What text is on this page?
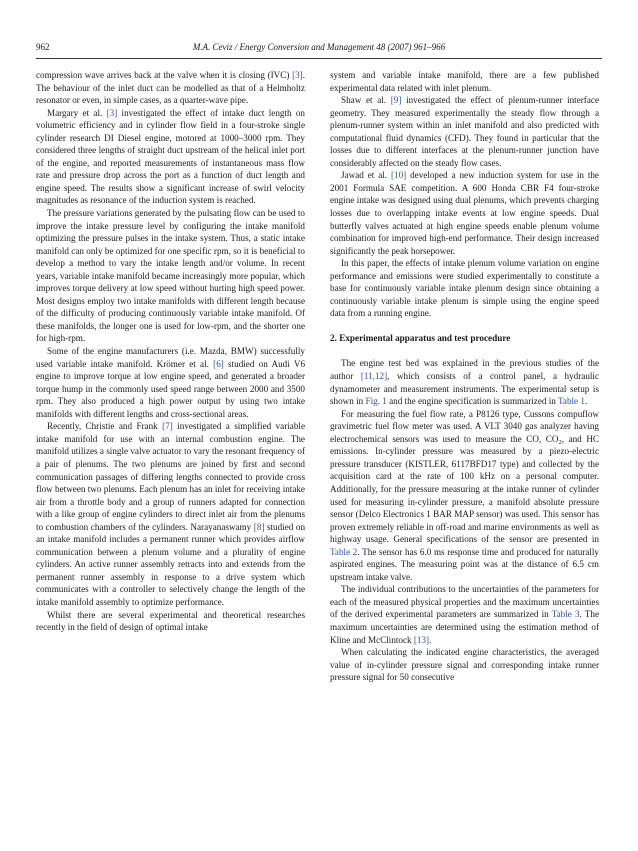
962	M.A. Ceviz / Energy Conversion and Management 48 (2007) 961–966

compression wave arrives back at the valve when it is closing (IVC) [3]. The behaviour of the inlet duct can be modelled as that of a Helmholtz resonator or even, in simple cases, as a quarter-wave pipe.

Margary et al. [3] investigated the effect of intake duct length on volumetric efficiency and in cylinder flow field in a four-stroke single cylinder research DI Diesel engine, motored at 1000–3000 rpm. They considered three lengths of straight duct upstream of the helical inlet port of the engine, and reported measurements of instantaneous mass flow rate and pressure drop across the port as a function of duct length and engine speed. The results show a significant increase of swirl velocity magnitudes as resonance of the induction system is reached.

The pressure variations generated by the pulsating flow can be used to improve the intake pressure level by configuring the intake manifold optimizing the pressure pulses in the intake system. Thus, a static intake manifold can only be optimized for one specific rpm, so it is beneficial to develop a method to vary the intake length and/or volume. In recent years, variable intake manifold became increasingly more popular, which improves torque delivery at low speed without hurting high speed power. Most designs employ two intake manifolds with different length because of the difficulty of producing continuously variable intake manifold. Of these manifolds, the longer one is used for low-rpm, and the shorter one for high-rpm.

Some of the engine manufacturers (i.e. Mazda, BMW) successfully used variable intake manifold. Krömer et al. [6] studied on Audi V6 engine to improve torque at low engine speed, and generated a broader torque hump in the commonly used speed range between 2000 and 3500 rpm. They also produced a high power output by using two intake manifolds with different lengths and cross-sectional areas.

Recently, Christie and Frank [7] investigated a simplified variable intake manifold for use with an internal combustion engine. The manifold utilizes a single valve actuator to vary the resonant frequency of a pair of plenums. The two plenums are joined by first and second communication passages of differing lengths connected to provide cross flow between two plenums. Each plenum has an inlet for receiving intake air from a throttle body and a group of runners adapted for connection with a like group of engine cylinders to direct inlet air from the plenums to combustion chambers of the cylinders. Narayanaswamy [8] studied on an intake manifold includes a permanent runner which provides airflow communication between a plenum volume and a plurality of engine cylinders. An active runner assembly retracts into and extends from the permanent runner assembly in response to a drive system which communicates with a controller to selectively change the length of the intake manifold assembly to optimize performance.

Whilst there are several experimental and theoretical researches recently in the field of design of optimal intake

system and variable intake manifold, there are a few published experimental data related with inlet plenum.

Shaw et al. [9] investigated the effect of plenum-runner interface geometry. They measured experimentally the steady flow through a plenum-runner system within an inlet manifold and also predicted with computational fluid dynamics (CFD). They found in particular that the losses due to different interfaces at the plenum-runner junction have considerably affected on the steady flow cases.

Jawad et al. [10] developed a new induction system for use in the 2001 Formula SAE competition. A 600 Honda CBR F4 four-stroke engine intake was designed using dual plenums, which prevents charging losses due to overlapping intake events at low engine speeds. Dual butterfly valves actuated at high engine speeds enable plenum volume combination for improved high-end performance. Their design increased significantly the peak horsepower.

In this paper, the effects of intake plenum volume variation on engine performance and emissions were studied experimentally to constitute a base for continuously variable intake plenum design since obtaining a continuously variable intake plenum is simple using the engine speed data from a running engine.

2. Experimental apparatus and test procedure

The engine test bed was explained in the previous studies of the author [11,12], which consists of a control panel, a hydraulic dynamometer and measurement instruments. The experimental setup is shown in Fig. 1 and the engine specification is summarized in Table 1.

For measuring the fuel flow rate, a P8126 type, Cussons compuflow gravimetric fuel flow meter was used. A VLT 3040 gas analyzer having electrochemical sensors was used to measure the CO, $CO_2$, and HC emissions. In-cylinder pressure was measured by a piezo-electric pressure transducer (KISTLER, 6117BFD17 type) and collected by the acquisition card at the rate of 100 kHz on a personal computer. Additionally, for the pressure measuring at the intake runner of cylinder used for measuring in-cylinder pressure, a manifold absolute pressure sensor (Delco Electronics 1 BAR MAP sensor) was used. This sensor has proven extremely reliable in off-road and marine environments as well as highway usage. General specifications of the sensor are presented in Table 2. The sensor has 6.0 ms response time and produced for naturally aspirated engines. The measuring point was at the distance of 6.5 cm upstream intake valve.

The individual contributions to the uncertainties of the parameters for each of the measured physical properties and the maximum uncertainties of the derived experimental parameters are summarized in Table 3. The maximum uncertainties are determined using the estimation method of Kline and McClintock [13].

When calculating the indicated engine characteristics, the averaged value of in-cylinder pressure signal and corresponding intake runner pressure signal for 50 consecutive
